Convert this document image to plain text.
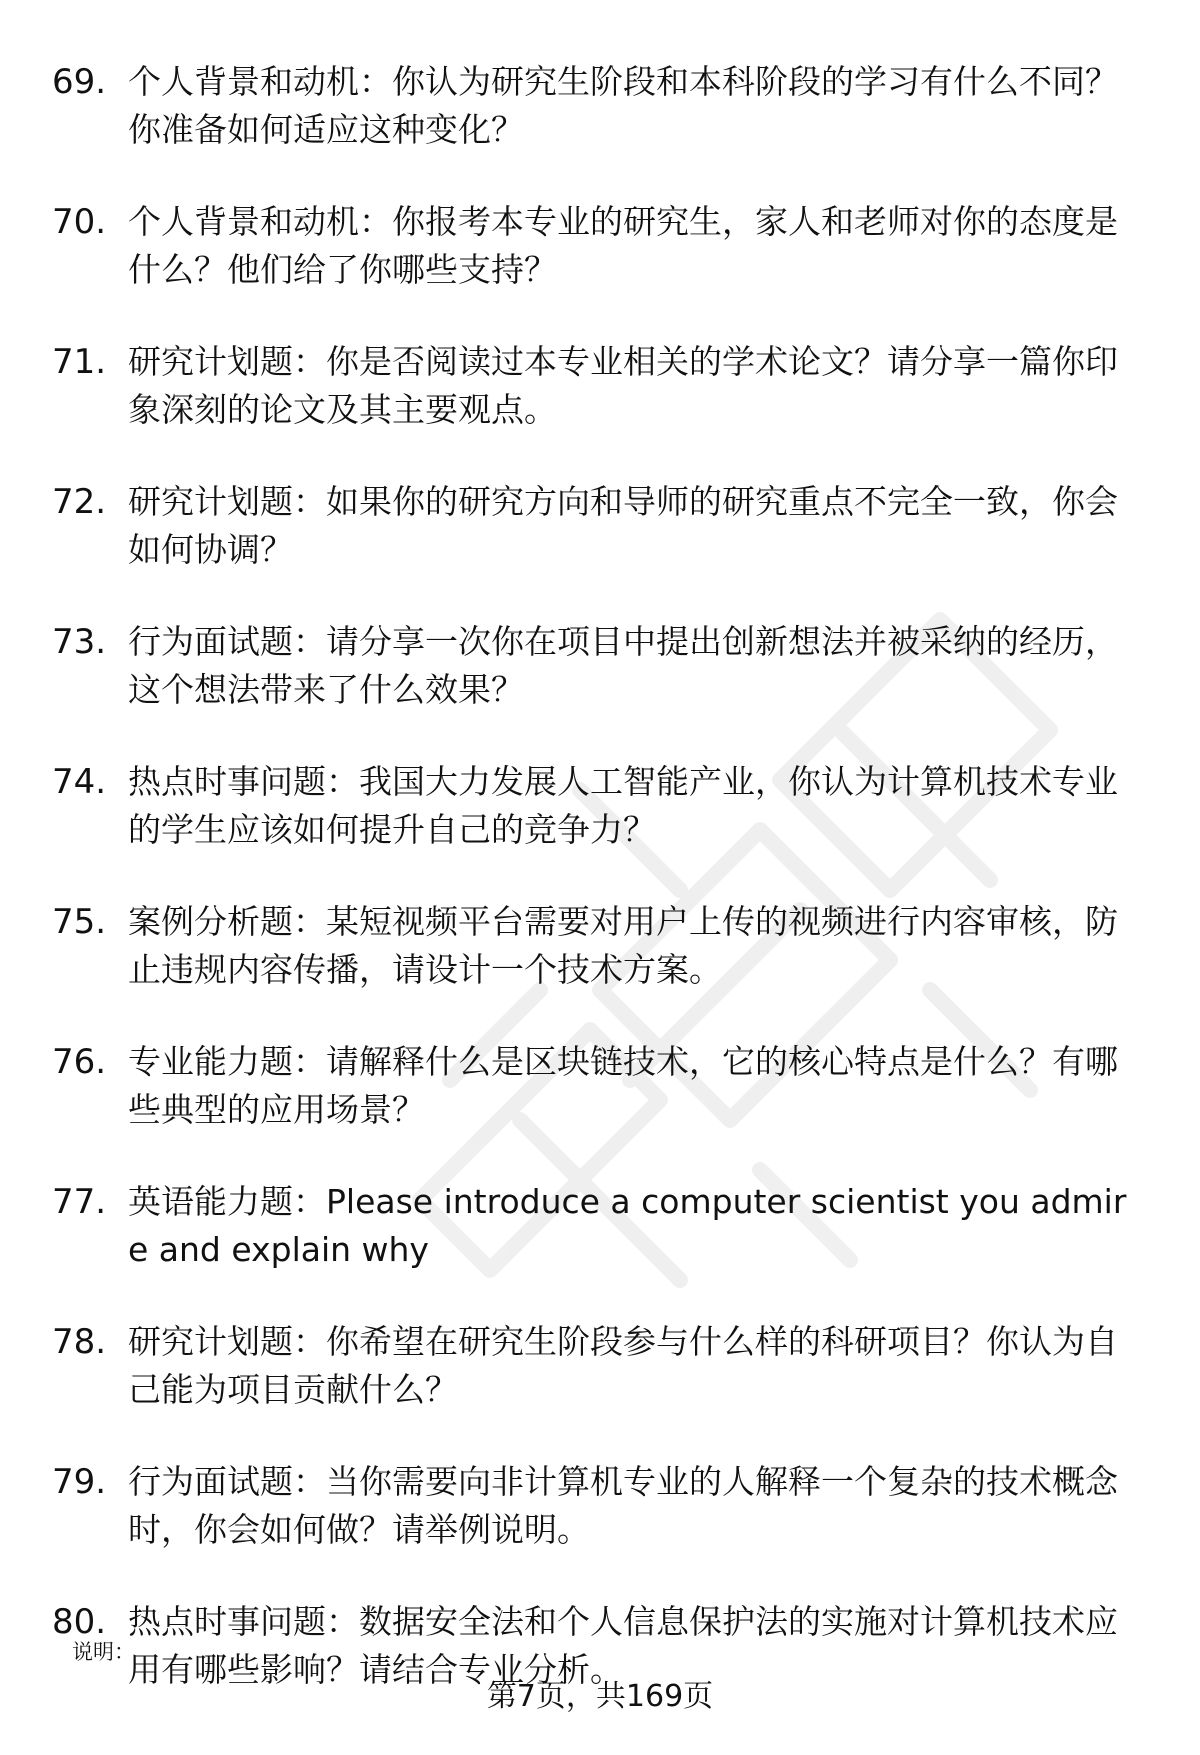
69. 个人背景和动机：你认为研究生阶段和本科阶段的学习有什么不同？你准备如何适应这种变化？
70. 个人背景和动机：你报考本专业的研究生，家人和老师对你的态度是什么？他们给了你哪些支持？
71. 研究计划题：你是否阅读过本专业相关的学术论文？请分享一篇你印象深刻的论文及其主要观点。
72. 研究计划题：如果你的研究方向和导师的研究重点不完全一致，你会如何协调？
73. 行为面试题：请分享一次你在项目中提出创新想法并被采纳的经历，这个想法带来了什么效果？
74. 热点时事问题：我国大力发展人工智能产业，你认为计算机技术专业的学生应该如何提升自己的竞争力？
75. 案例分析题：某短视频平台需要对用户上传的视频进行内容审核，防止违规内容传播，请设计一个技术方案。
76. 专业能力题：请解释什么是区块链技术，它的核心特点是什么？有哪些典型的应用场景？
77. 英语能力题：Please introduce a computer scientist you admire and explain why
78. 研究计划题：你希望在研究生阶段参与什么样的科研项目？你认为自己能为项目贡献什么？
79. 行为面试题：当你需要向非计算机专业的人解释一个复杂的技术概念时，你会如何做？请举例说明。
80. 热点时事问题：数据安全法和个人信息保护法的实施对计算机技术应用有哪些影响？请结合专业分析。
说明：
第7页，共169页
